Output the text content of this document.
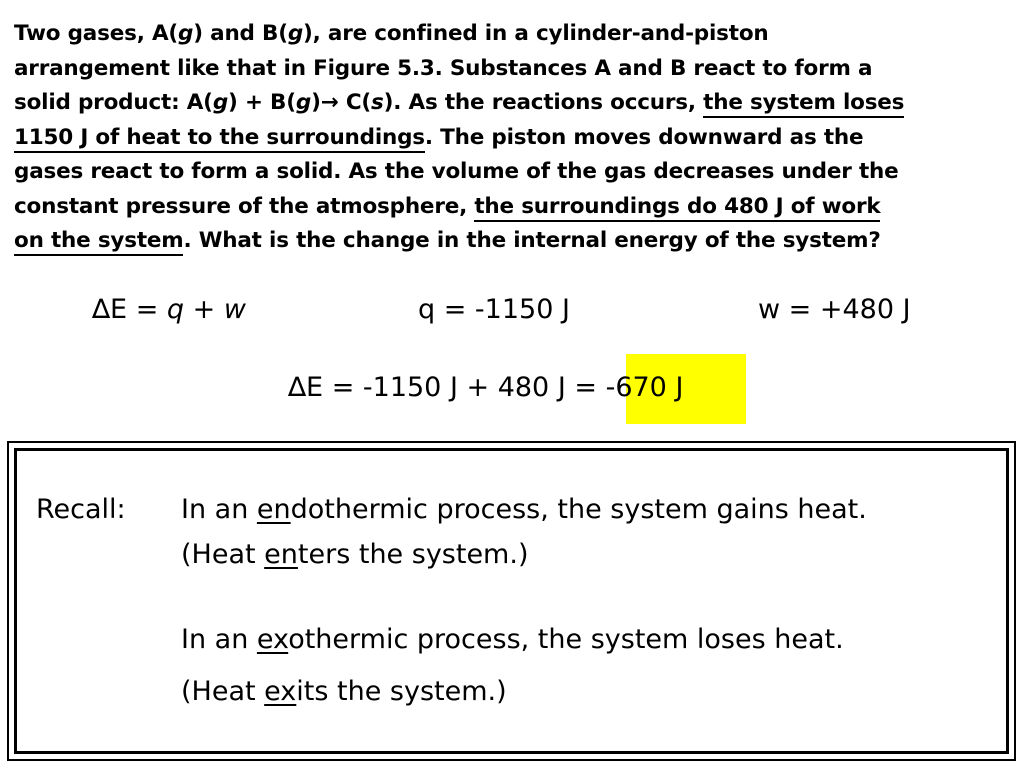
Two gases, A(g) and B(g), are confined in a cylinder-and-piston
arrangement like that in Figure 5.3. Substances A and B react to form a
solid product: A(g) + B(g)→ C(s). As the reactions occurs, the system loses
1150 J of heat to the surroundings. The piston moves downward as the
gases react to form a solid. As the volume of the gas decreases under the
constant pressure of the atmosphere, the surroundings do 480 J of work
on the system. What is the change in the internal energy of the system?
∆E = q + w	q = -1150 J	w = +480 J
∆E = -1150 J + 480 J = -670 J
Recall: In an endothermic process, the system gains heat.
(Heat enters the system.)
In an exothermic process, the system loses heat.
(Heat exits the system.)
